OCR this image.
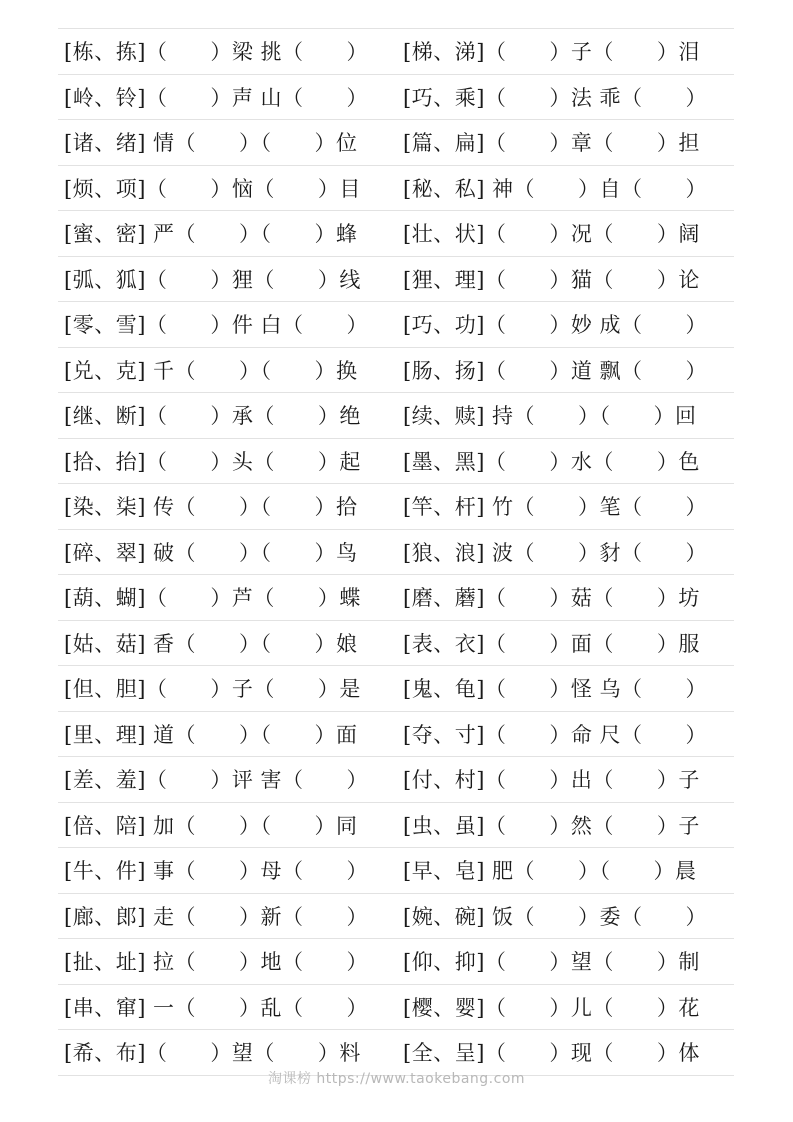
[栋、拣]（　　）梁 挑（　　） [梯、涕]（　　）子（　　）泪
[岭、铃]（　　）声 山（　　） [巧、乘]（　　）法 乖（　　）
[诸、绪] 情（　　）（　　）位 [篇、扁]（　　）章（　　）担
[烦、项]（　　）恼（　　）目 [秘、私] 神（　　）自（　　）
[蜜、密] 严（　　）（　　）蜂 [壮、状]（　　）况（　　）阔
[弧、狐]（　　）狸（　　）线 [狸、理]（　　）猫（　　）论
[零、雪]（　　）件 白（　　） [巧、功]（　　）妙 成（　　）
[兑、克] 千（　　）（　　）换 [肠、扬]（　　）道 飘（　　）
[继、断]（　　）承（　　）绝 [续、赎] 持（　　）（　　）回
[拾、抬]（　　）头（　　）起 [墨、黑]（　　）水（　　）色
[染、柒] 传（　　）（　　）拾 [竿、杆] 竹（　　）笔（　　）
[碎、翠] 破（　　）（　　）鸟 [狼、浪] 波（　　）豺（　　）
[葫、蝴]（　　）芦（　　）蝶 [磨、蘑]（　　）菇（　　）坊
[姑、菇] 香（　　）（　　）娘 [表、衣]（　　）面（　　）服
[但、胆]（　　）子（　　）是 [鬼、龟]（　　）怪 乌（　　）
[里、理] 道（　　）（　　）面 [夺、寸]（　　）命 尺（　　）
[差、羞]（　　）评 害（　　） [付、村]（　　）出（　　）子
[倍、陪] 加（　　）（　　）同 [虫、虽]（　　）然（　　）子
[牛、件] 事（　　）母（　　） [早、皂] 肥（　　）（　　）晨
[廊、郎] 走（　　）新（　　） [婉、碗] 饭（　　）委（　　）
[扯、址] 拉（　　）地（　　） [仰、抑]（　　）望（　　）制
[串、窜] 一（　　）乱（　　） [樱、婴]（　　）儿（　　）花
[希、布]（　　）望（　　）料 [全、呈]（　　）现（　　）体
淘课榜 https://www.taokebang.com
